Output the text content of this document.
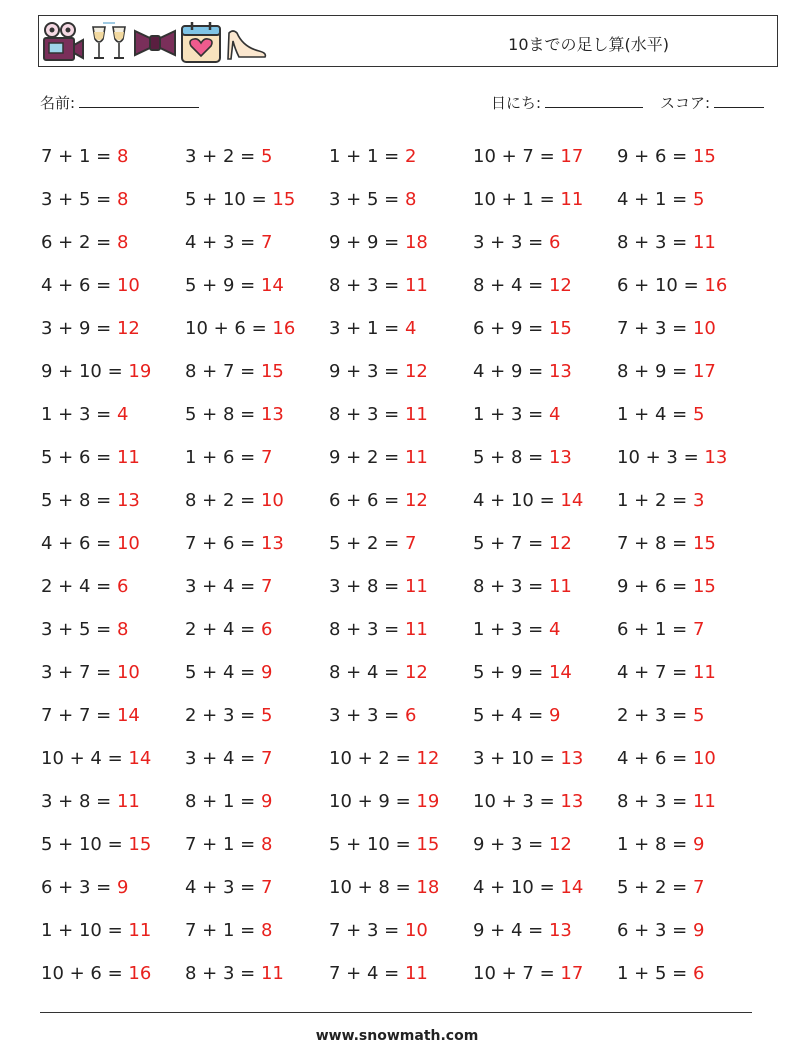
10までの足し算(水平)
名前:	日にち:	スコア:
7 + 1 = 8	3 + 2 = 5	1 + 1 = 2	10 + 7 = 17	9 + 6 = 15
3 + 5 = 8	5 + 10 = 15	3 + 5 = 8	10 + 1 = 11	4 + 1 = 5
6 + 2 = 8	4 + 3 = 7	9 + 9 = 18	3 + 3 = 6	8 + 3 = 11
4 + 6 = 10	5 + 9 = 14	8 + 3 = 11	8 + 4 = 12	6 + 10 = 16
3 + 9 = 12	10 + 6 = 16	3 + 1 = 4	6 + 9 = 15	7 + 3 = 10
9 + 10 = 19	8 + 7 = 15	9 + 3 = 12	4 + 9 = 13	8 + 9 = 17
1 + 3 = 4	5 + 8 = 13	8 + 3 = 11	1 + 3 = 4	1 + 4 = 5
5 + 6 = 11	1 + 6 = 7	9 + 2 = 11	5 + 8 = 13	10 + 3 = 13
5 + 8 = 13	8 + 2 = 10	6 + 6 = 12	4 + 10 = 14	1 + 2 = 3
4 + 6 = 10	7 + 6 = 13	5 + 2 = 7	5 + 7 = 12	7 + 8 = 15
2 + 4 = 6	3 + 4 = 7	3 + 8 = 11	8 + 3 = 11	9 + 6 = 15
3 + 5 = 8	2 + 4 = 6	8 + 3 = 11	1 + 3 = 4	6 + 1 = 7
3 + 7 = 10	5 + 4 = 9	8 + 4 = 12	5 + 9 = 14	4 + 7 = 11
7 + 7 = 14	2 + 3 = 5	3 + 3 = 6	5 + 4 = 9	2 + 3 = 5
10 + 4 = 14	3 + 4 = 7	10 + 2 = 12	3 + 10 = 13	4 + 6 = 10
3 + 8 = 11	8 + 1 = 9	10 + 9 = 19	10 + 3 = 13	8 + 3 = 11
5 + 10 = 15	7 + 1 = 8	5 + 10 = 15	9 + 3 = 12	1 + 8 = 9
6 + 3 = 9	4 + 3 = 7	10 + 8 = 18	4 + 10 = 14	5 + 2 = 7
1 + 10 = 11	7 + 1 = 8	7 + 3 = 10	9 + 4 = 13	6 + 3 = 9
10 + 6 = 16	8 + 3 = 11	7 + 4 = 11	10 + 7 = 17	1 + 5 = 6
www.snowmath.com
